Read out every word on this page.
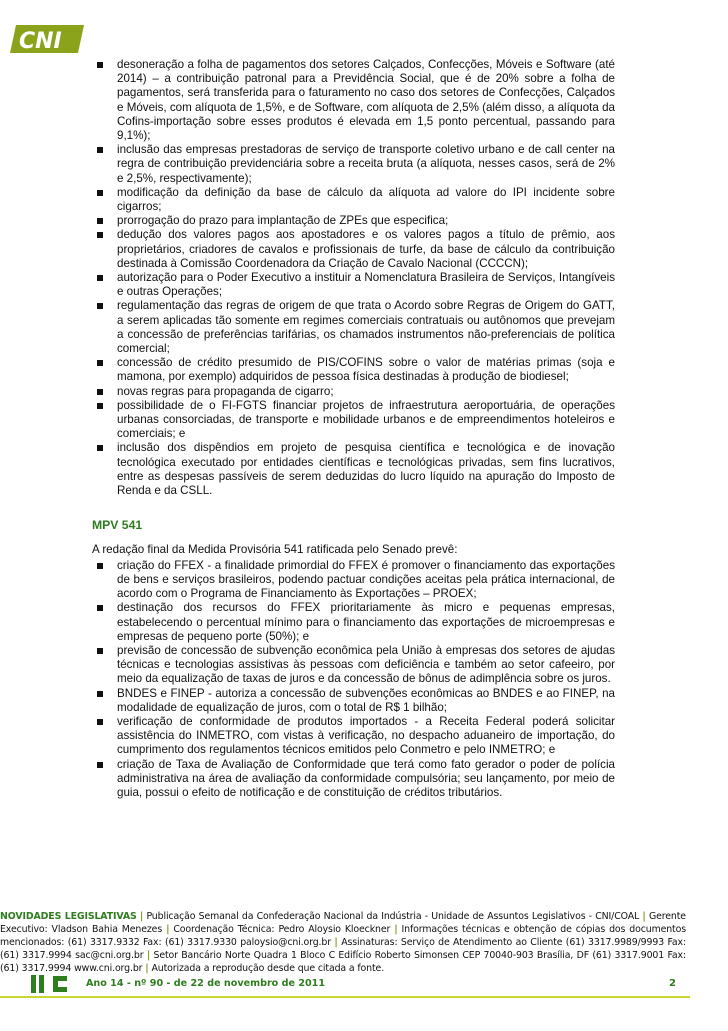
CNI
desoneração a folha de pagamentos dos setores Calçados, Confecções, Móveis e Software (até 2014) – a contribuição patronal para a Previdência Social, que é de 20% sobre a folha de pagamentos, será transferida para o faturamento no caso dos setores de Confecções, Calçados e Móveis, com alíquota de 1,5%, e de Software, com alíquota de 2,5% (além disso, a alíquota da Cofins-importação sobre esses produtos é elevada em 1,5 ponto percentual, passando para 9,1%);
inclusão das empresas prestadoras de serviço de transporte coletivo urbano e de call center na regra de contribuição previdenciária sobre a receita bruta (a alíquota, nesses casos, será de 2% e 2,5%, respectivamente);
modificação da definição da base de cálculo da alíquota ad valore do IPI incidente sobre cigarros;
prorrogação do prazo para implantação de ZPEs que especifica;
dedução dos valores pagos aos apostadores e os valores pagos a título de prêmio, aos proprietários, criadores de cavalos e profissionais de turfe, da base de cálculo da contribuição destinada à Comissão Coordenadora da Criação de Cavalo Nacional (CCCCN);
autorização para o Poder Executivo a instituir a Nomenclatura Brasileira de Serviços, Intangíveis e outras Operações;
regulamentação das regras de origem de que trata o Acordo sobre Regras de Origem do GATT, a serem aplicadas tão somente em regimes comerciais contratuais ou autônomos que prevejam a concessão de preferências tarifárias, os chamados instrumentos não-preferenciais de política comercial;
concessão de crédito presumido de PIS/COFINS sobre o valor de matérias primas (soja e mamona, por exemplo) adquiridos de pessoa física destinadas à produção de biodiesel;
novas regras para propaganda de cigarro;
possibilidade de o FI-FGTS financiar projetos de infraestrutura aeroportuária, de operações urbanas consorciadas, de transporte e mobilidade urbanos e de empreendimentos hoteleiros e comerciais; e
inclusão dos dispêndios em projeto de pesquisa científica e tecnológica e de inovação tecnológica executado por entidades científicas e tecnológicas privadas, sem fins lucrativos, entre as despesas passíveis de serem deduzidas do lucro líquido na apuração do Imposto de Renda e da CSLL.
MPV 541

A redação final da Medida Provisória 541 ratificada pelo Senado prevê:

criação do FFEX - a finalidade primordial do FFEX é promover o financiamento das exportações de bens e serviços brasileiros, podendo pactuar condições aceitas pela prática internacional, de acordo com o Programa de Financiamento às Exportações – PROEX;
destinação dos recursos do FFEX prioritariamente às micro e pequenas empresas, estabelecendo o percentual mínimo para o financiamento das exportações de microempresas e empresas de pequeno porte (50%); e
previsão de concessão de subvenção econômica pela União à empresas dos setores de ajudas técnicas e tecnologias assistivas às pessoas com deficiência e também ao setor cafeeiro, por meio da equalização de taxas de juros e da concessão de bônus de adimplência sobre os juros.
BNDES e FINEP - autoriza a concessão de subvenções econômicas ao BNDES e ao FINEP, na modalidade de equalização de juros, com o total de R$ 1 bilhão;
verificação de conformidade de produtos importados - a Receita Federal poderá solicitar assistência do INMETRO, com vistas à verificação, no despacho aduaneiro de importação, do cumprimento dos regulamentos técnicos emitidos pelo Conmetro e pelo INMETRO; e
criação de Taxa de Avaliação de Conformidade que terá como fato gerador o poder de polícia administrativa na área de avaliação da conformidade compulsória; seu lançamento, por meio de guia, possui o efeito de notificação e de constituição de créditos tributários.
NOVIDADES LEGISLATIVAS | Publicação Semanal da Confederação Nacional da Indústria - Unidade de Assuntos Legislativos - CNI/COAL | Gerente Executivo: Vladson Bahia Menezes | Coordenação Técnica: Pedro Aloysio Kloeckner | Informações técnicas e obtenção de cópias dos documentos mencionados: (61) 3317.9332 Fax: (61) 3317.9330 paloysio@cni.org.br | Assinaturas: Serviço de Atendimento ao Cliente (61) 3317.9989/9993 Fax: (61) 3317.9994 sac@cni.org.br | Setor Bancário Norte Quadra 1 Bloco C Edifício Roberto Simonsen CEP 70040-903 Brasília, DF (61) 3317.9001 Fax: (61) 3317.9994 www.cni.org.br | Autorizada a reprodução desde que citada a fonte.
Ano 14 - nº 90 - de 22 de novembro de 2011	2
